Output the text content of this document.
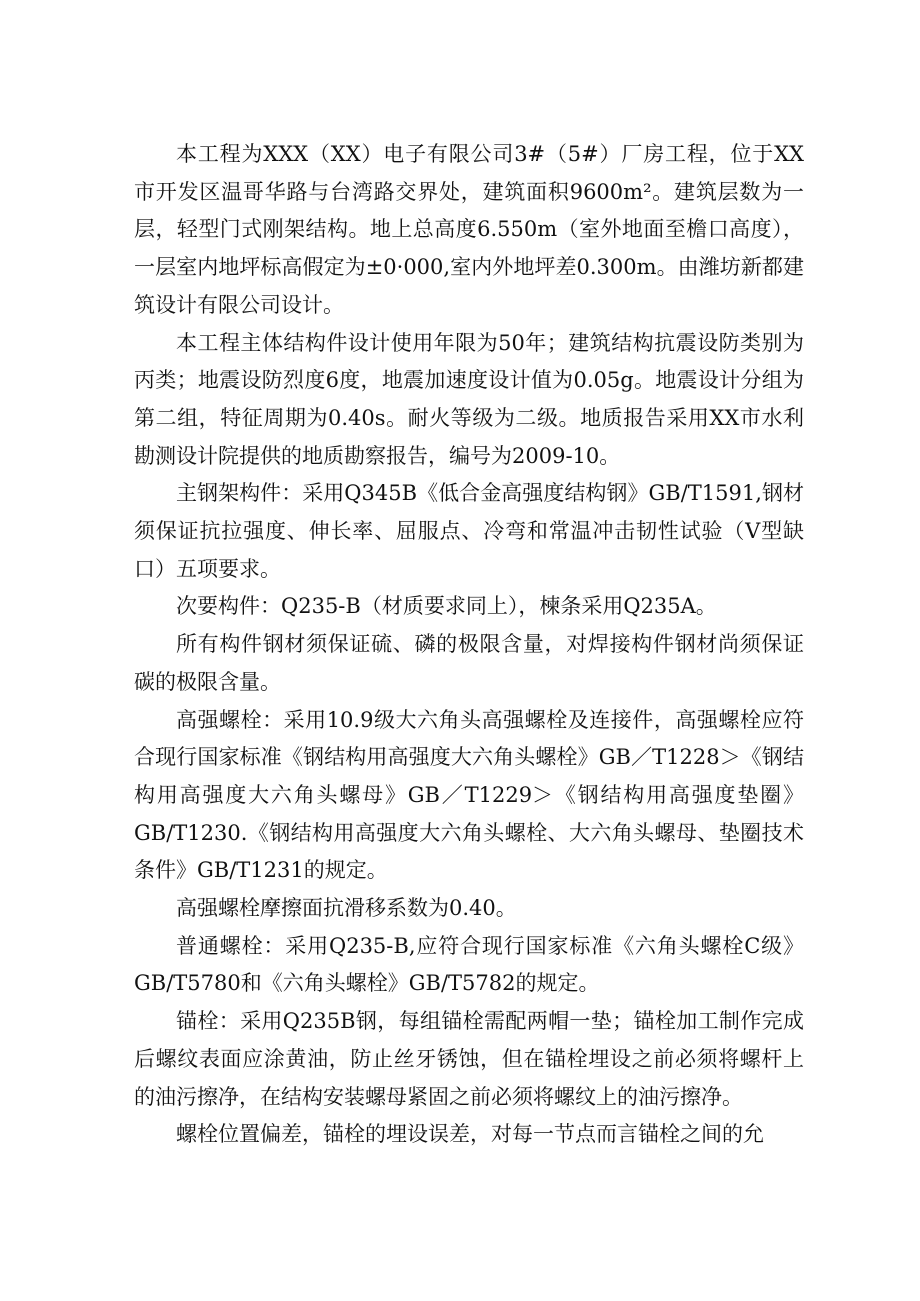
本工程为XXX（XX）电子有限公司3#（5#）厂房工程，位于XX市开发区温哥华路与台湾路交界处，建筑面积9600m²。建筑层数为一层，轻型门式刚架结构。地上总高度6.550m（室外地面至檐口高度），一层室内地坪标高假定为±0·000,室内外地坪差0.300m。由潍坊新都建筑设计有限公司设计。

本工程主体结构件设计使用年限为50年；建筑结构抗震设防类别为丙类；地震设防烈度6度，地震加速度设计值为0.05g。地震设计分组为第二组，特征周期为0.40s。耐火等级为二级。地质报告采用XX市水利勘测设计院提供的地质勘察报告，编号为2009-10。

主钢架构件：采用Q345B《低合金高强度结构钢》GB/T1591,钢材须保证抗拉强度、伸长率、屈服点、冷弯和常温冲击韧性试验（V型缺口）五项要求。

次要构件：Q235-B（材质要求同上），楝条采用Q235A。

所有构件钢材须保证硫、磷的极限含量，对焊接构件钢材尚须保证碳的极限含量。

高强螺栓：采用10.9级大六角头高强螺栓及连接件，高强螺栓应符合现行国家标准《钢结构用高强度大六角头螺栓》GB／T1228＞《钢结构用高强度大六角头螺母》GB／T1229＞《钢结构用高强度垫圈》GB/T1230.《钢结构用高强度大六角头螺栓、大六角头螺母、垫圈技术条件》GB/T1231的规定。

高强螺栓摩擦面抗滑移系数为0.40。

普通螺栓：采用Q235-B,应符合现行国家标准《六角头螺栓C级》GB/T5780和《六角头螺栓》GB/T5782的规定。

锚栓：采用Q235B钢，每组锚栓需配两帽一垫；锚栓加工制作完成后螺纹表面应涂黄油，防止丝牙锈蚀，但在锚栓埋设之前必须将螺杆上的油污擦净，在结构安装螺母紧固之前必须将螺纹上的油污擦净。

螺栓位置偏差，锚栓的埋设误差，对每一节点而言锚栓之间的允
